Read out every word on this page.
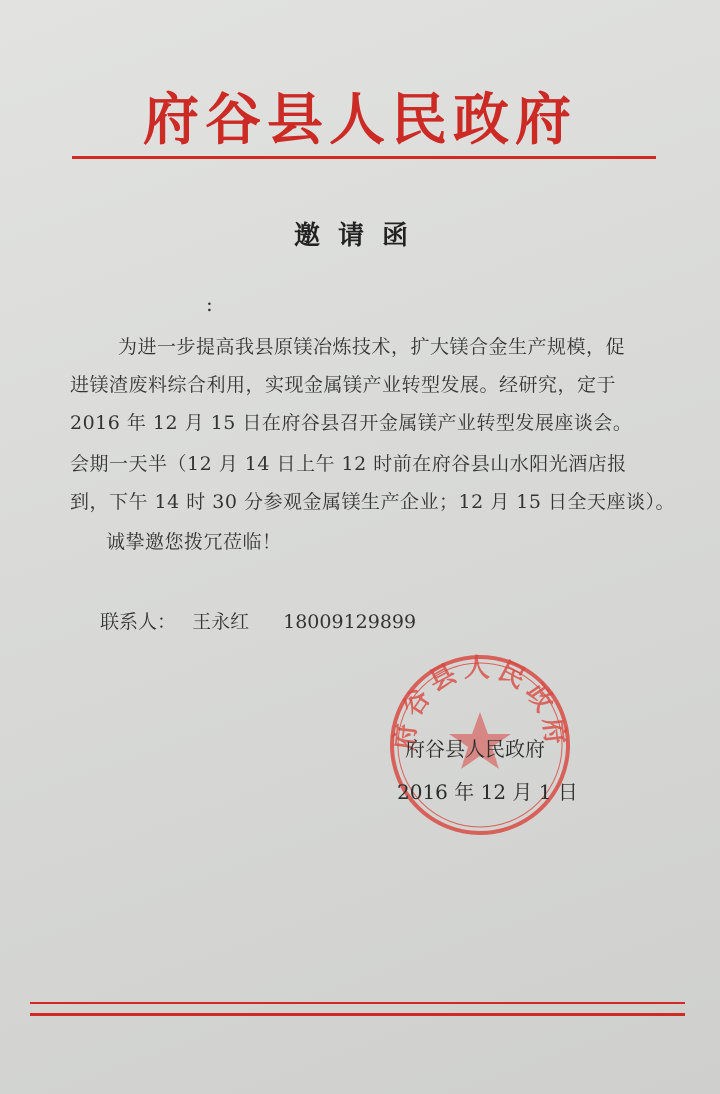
府谷县人民政府
邀请函
:
为进一步提高我县原镁冶炼技术，扩大镁合金生产规模，促
进镁渣废料综合利用，实现金属镁产业转型发展。经研究，定于
2016 年 12 月 15 日在府谷县召开金属镁产业转型发展座谈会。
会期一天半（12 月 14 日上午 12 时前在府谷县山水阳光酒店报
到，下午 14 时 30 分参观金属镁生产企业；12 月 15 日全天座谈）。
诚挚邀您拨冗莅临！
联系人： 王永红 18009129899
府谷县人民政府
府谷县人民政府
2016 年 12 月 1 日
